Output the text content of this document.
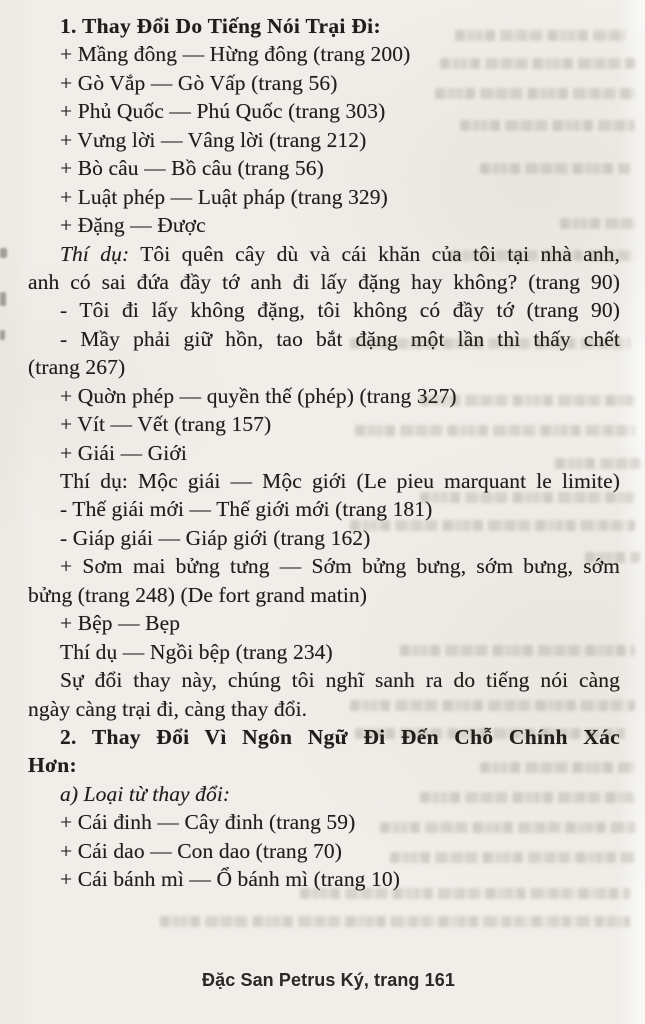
1. Thay Đổi Do Tiếng Nói Trại Đi:
+ Mầng đông — Hừng đông (trang 200)
+ Gò Vắp — Gò Vấp (trang 56)
+ Phủ Quốc — Phú Quốc (trang 303)
+ Vưng lời — Vâng lời (trang 212)
+ Bò câu — Bồ câu (trang 56)
+ Luật phép — Luật pháp (trang 329)
+ Đặng — Được
Thí dụ: Tôi quên cây dù và cái khăn của tôi tại nhà anh,
anh có sai đứa đầy tớ anh đi lấy đặng hay không? (trang 90)
- Tôi đi lấy không đặng, tôi không có đầy tớ (trang 90)
- Mầy phải giữ hồn, tao bắt đặng một lần thì thấy chết
(trang 267)
+ Quờn phép — quyền thế (phép) (trang 327)
+ Vít — Vết (trang 157)
+ Giái — Giới
Thí dụ: Mộc giái — Mộc giới (Le pieu marquant le limite)
- Thế giái mới — Thế giới mới (trang 181)
- Giáp giái — Giáp giới (trang 162)
+ Sơm mai bửng tưng — Sớm bửng bưng, sớm bưng, sớm
bửng (trang 248) (De fort grand matin)
+ Bệp — Bẹp
Thí dụ — Ngồi bệp (trang 234)
Sự đổi thay này, chúng tôi nghĩ sanh ra do tiếng nói càng
ngày càng trại đi, càng thay đổi.
2. Thay Đổi Vì Ngôn Ngữ Đi Đến Chỗ Chính Xác
Hơn:
a) Loại từ thay đổi:
+ Cái đinh — Cây đinh (trang 59)
+ Cái dao — Con dao (trang 70)
+ Cái bánh mì — Ổ bánh mì (trang 10)
Đặc San Petrus Ký, trang 161
